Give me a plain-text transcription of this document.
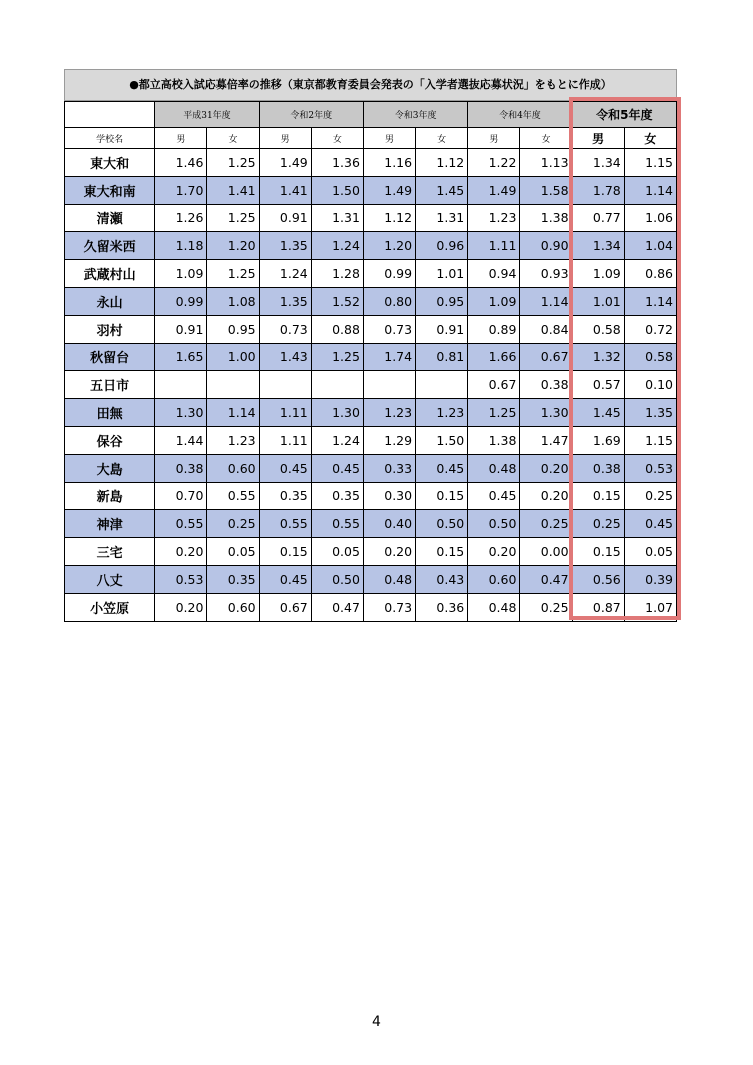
●都立高校入試応募倍率の推移（東京都教育委員会発表の「入学者選抜応募状況」をもとに作成）
	平成31年度		令和2年度		令和3年度		令和4年度		令和5年度	
学校名	男	女	男	女	男	女	男	女	男	女
東大和	1.46	1.25	1.49	1.36	1.16	1.12	1.22	1.13	1.34	1.15
東大和南	1.70	1.41	1.41	1.50	1.49	1.45	1.49	1.58	1.78	1.14
清瀬	1.26	1.25	0.91	1.31	1.12	1.31	1.23	1.38	0.77	1.06
久留米西	1.18	1.20	1.35	1.24	1.20	0.96	1.11	0.90	1.34	1.04
武蔵村山	1.09	1.25	1.24	1.28	0.99	1.01	0.94	0.93	1.09	0.86
永山	0.99	1.08	1.35	1.52	0.80	0.95	1.09	1.14	1.01	1.14
羽村	0.91	0.95	0.73	0.88	0.73	0.91	0.89	0.84	0.58	0.72
秋留台	1.65	1.00	1.43	1.25	1.74	0.81	1.66	0.67	1.32	0.58
五日市							0.67	0.38	0.57	0.10
田無	1.30	1.14	1.11	1.30	1.23	1.23	1.25	1.30	1.45	1.35
保谷	1.44	1.23	1.11	1.24	1.29	1.50	1.38	1.47	1.69	1.15
大島	0.38	0.60	0.45	0.45	0.33	0.45	0.48	0.20	0.38	0.53
新島	0.70	0.55	0.35	0.35	0.30	0.15	0.45	0.20	0.15	0.25
神津	0.55	0.25	0.55	0.55	0.40	0.50	0.50	0.25	0.25	0.45
三宅	0.20	0.05	0.15	0.05	0.20	0.15	0.20	0.00	0.15	0.05
八丈	0.53	0.35	0.45	0.50	0.48	0.43	0.60	0.47	0.56	0.39
小笠原	0.20	0.60	0.67	0.47	0.73	0.36	0.48	0.25	0.87	1.07
4
